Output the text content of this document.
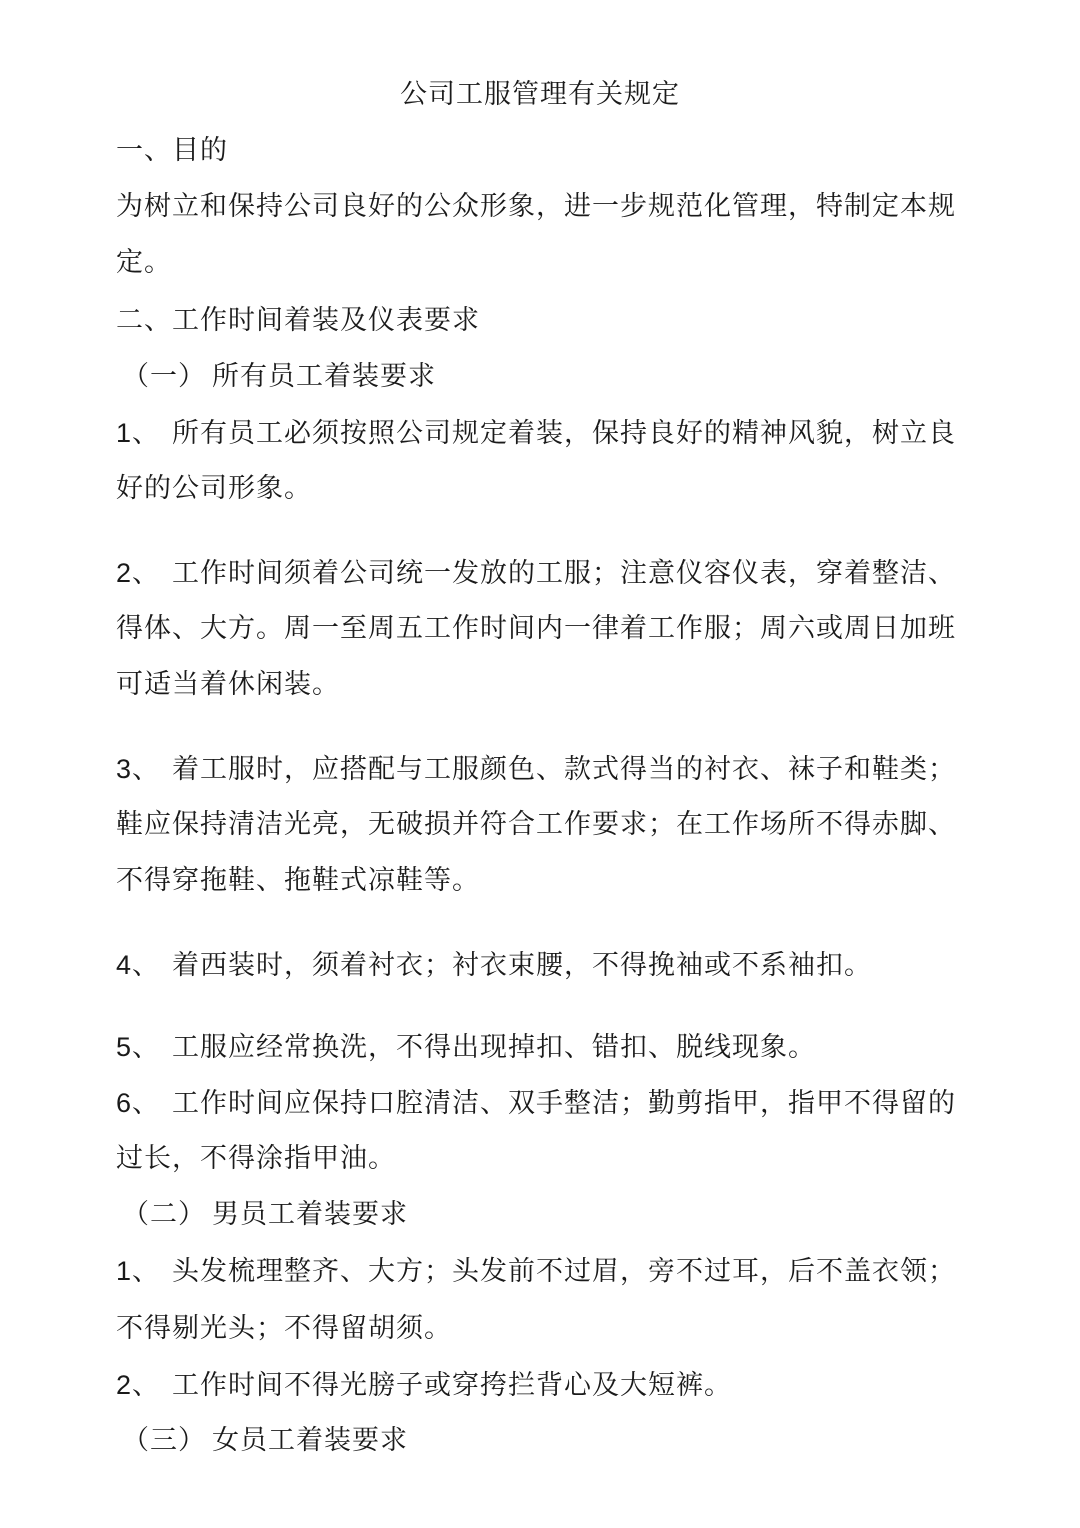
公司工服管理有关规定
一、目的
为树立和保持公司良好的公众形象，进一步规范化管理，特制定本规
定。
二、工作时间着装及仪表要求
（一） 所有员工着装要求
1、 所有员工必须按照公司规定着装，保持良好的精神风貌，树立良
好的公司形象。
2、 工作时间须着公司统一发放的工服；注意仪容仪表，穿着整洁、
得体、大方。周一至周五工作时间内一律着工作服；周六或周日加班
可适当着休闲装。
3、 着工服时，应搭配与工服颜色、款式得当的衬衣、袜子和鞋类；
鞋应保持清洁光亮，无破损并符合工作要求；在工作场所不得赤脚、
不得穿拖鞋、拖鞋式凉鞋等。
4、 着西装时，须着衬衣；衬衣束腰，不得挽袖或不系袖扣。
5、 工服应经常换洗，不得出现掉扣、错扣、脱线现象。
6、 工作时间应保持口腔清洁、双手整洁；勤剪指甲，指甲不得留的
过长，不得涂指甲油。
（二） 男员工着装要求
1、 头发梳理整齐、大方；头发前不过眉，旁不过耳，后不盖衣领；
不得剔光头；不得留胡须。
2、 工作时间不得光膀子或穿挎拦背心及大短裤。
（三） 女员工着装要求
